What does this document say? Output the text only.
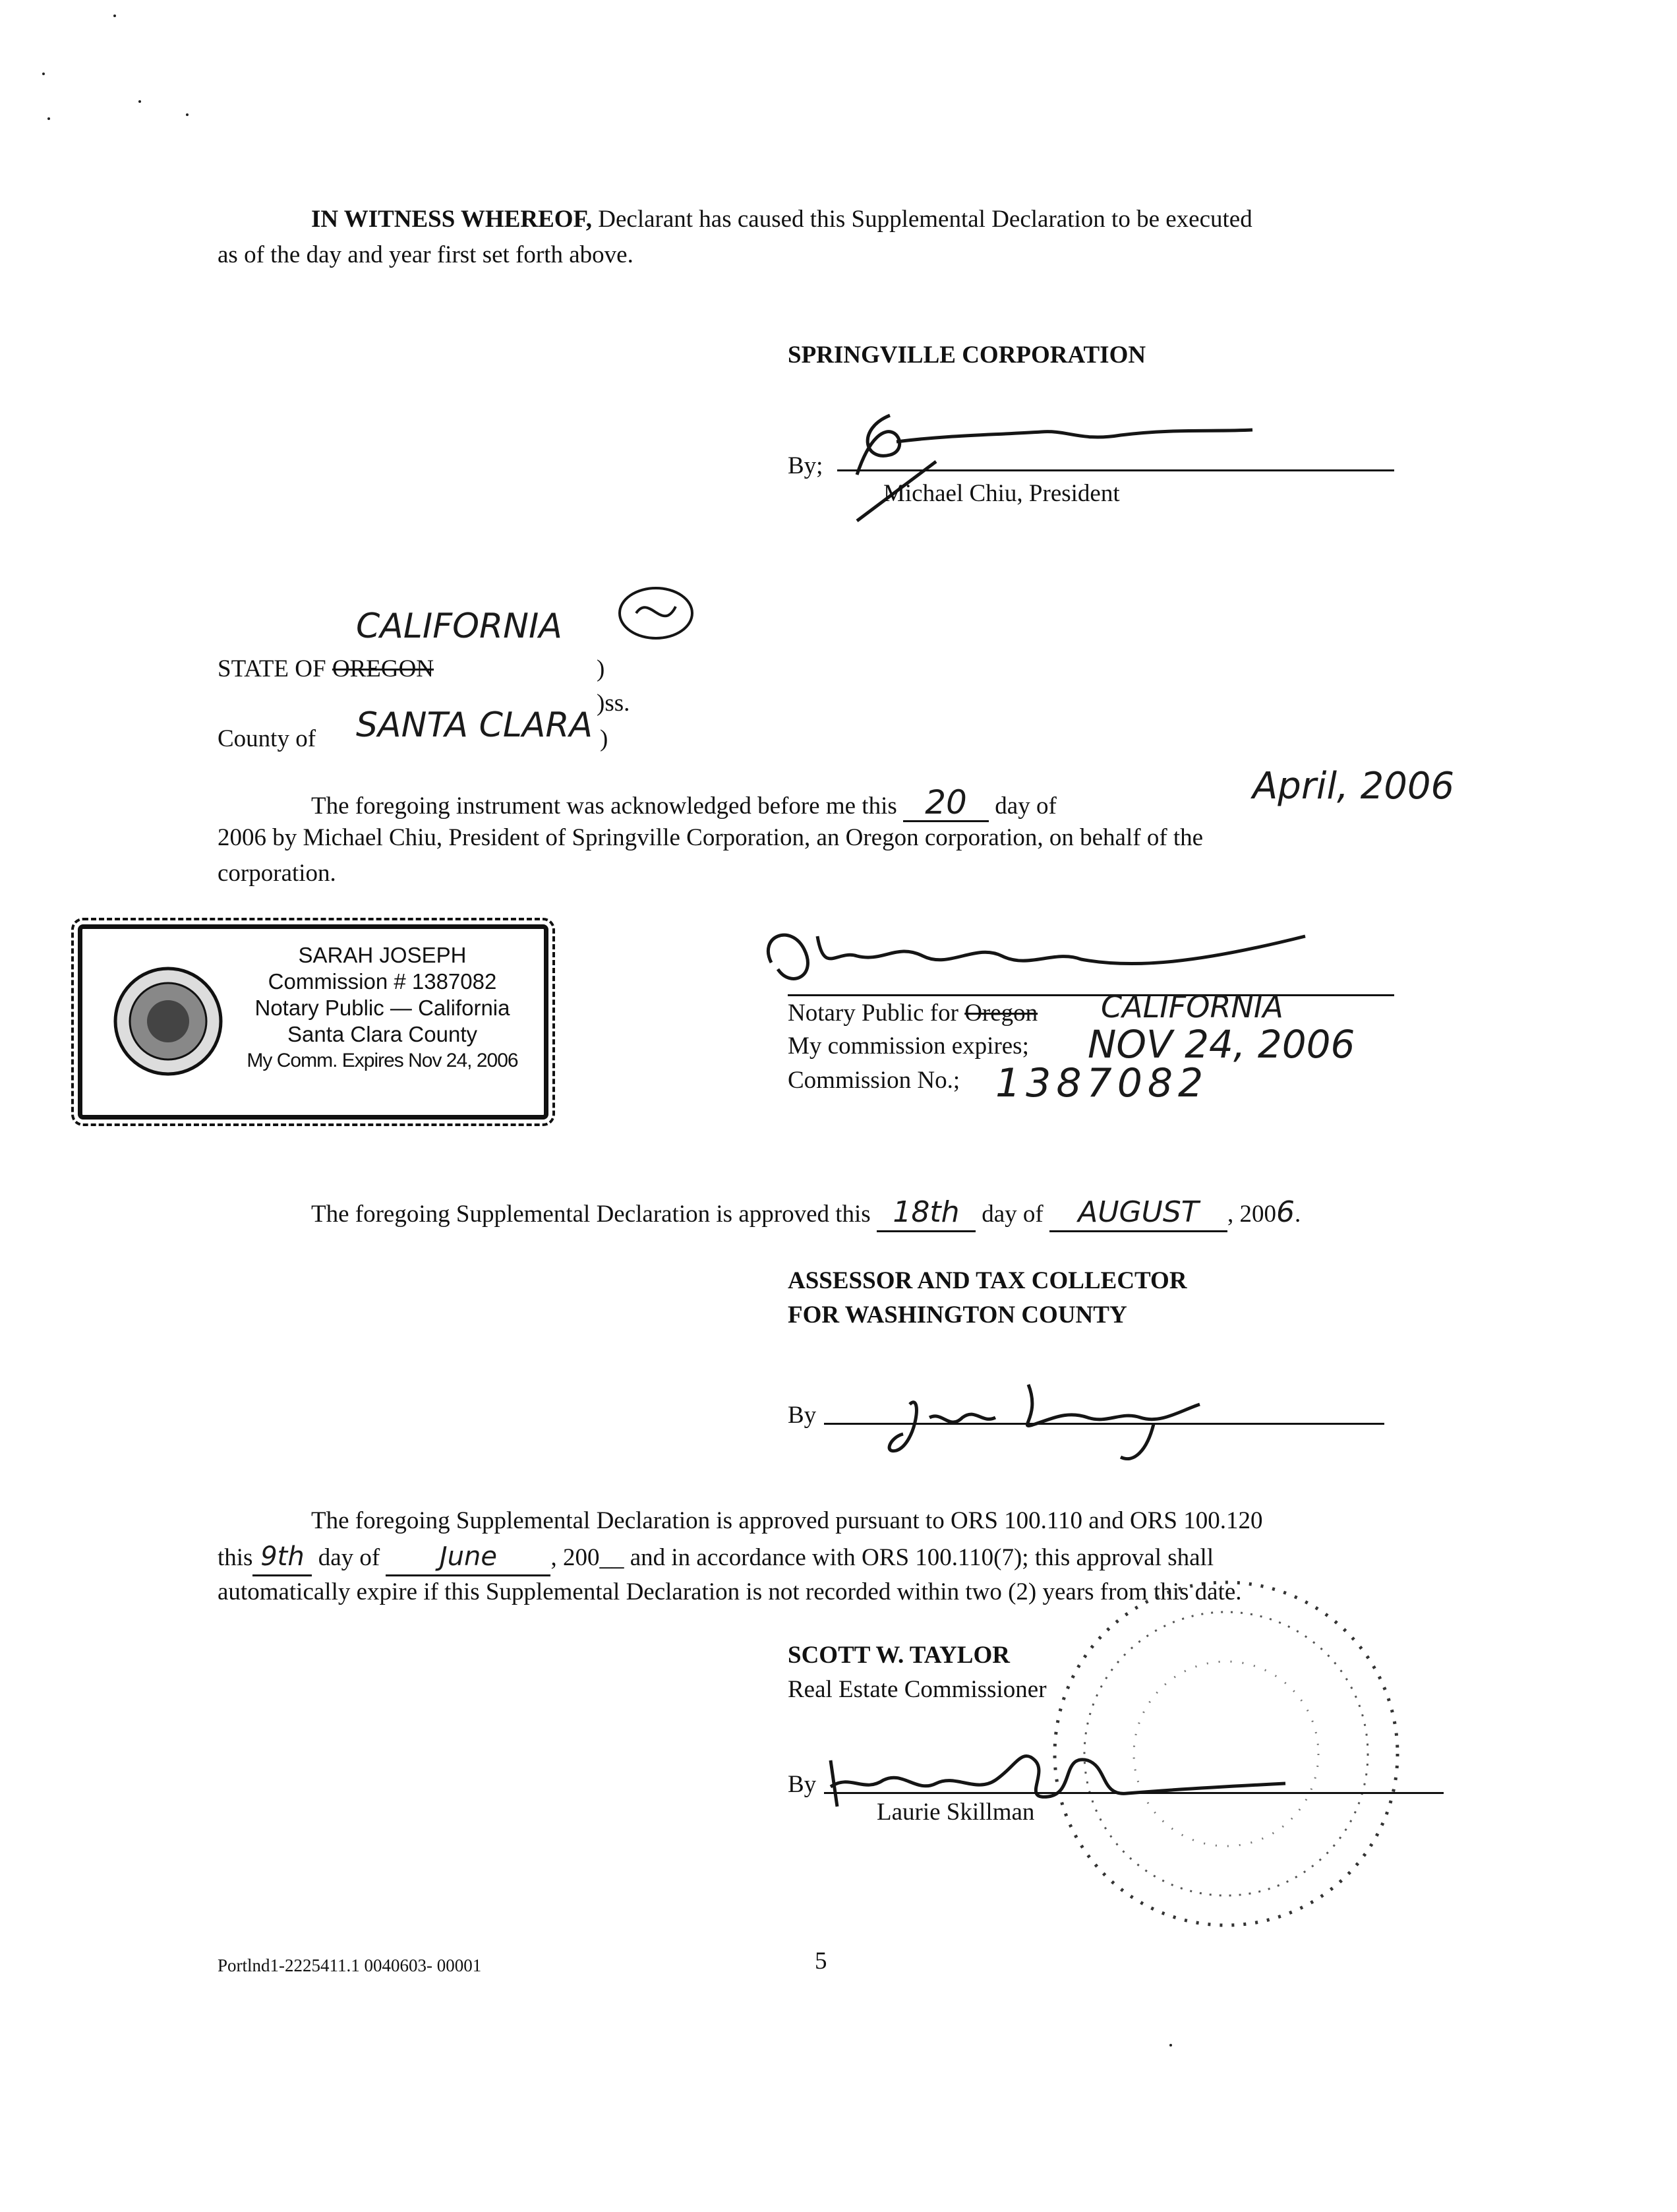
IN WITNESS WHEREOF, Declarant has caused this Supplemental Declaration to be executed
as of the day and year first set forth above.
SPRINGVILLE CORPORATION
By;
Michael Chiu, President
CALIFORNIA
STATE OF OREGON	)
)ss.
County of SANTA CLARA )
The foregoing instrument was acknowledged before me this 20 day of	April, 2006
2006 by Michael Chiu, President of Springville Corporation, an Oregon corporation, on behalf of the
corporation.
SARAH JOSEPH
Commission # 1387082
Notary Public — California
Santa Clara County
My Comm. Expires Nov 24, 2006
Notary Public for Oregon CALIFORNIA
My commission expires; NOV 24, 2006
Commission No.; 1387082
The foregoing Supplemental Declaration is approved this 18th day of AUGUST , 2006.
ASSESSOR AND TAX COLLECTOR
FOR WASHINGTON COUNTY
By
The foregoing Supplemental Declaration is approved pursuant to ORS 100.110 and ORS 100.120
this 9th day of June , 200__ and in accordance with ORS 100.110(7); this approval shall
automatically expire if this Supplemental Declaration is not recorded within two (2) years from this date.
SCOTT W. TAYLOR
Real Estate Commissioner
By
Laurie Skillman
Portlnd1-2225411.1 0040603- 00001	5
